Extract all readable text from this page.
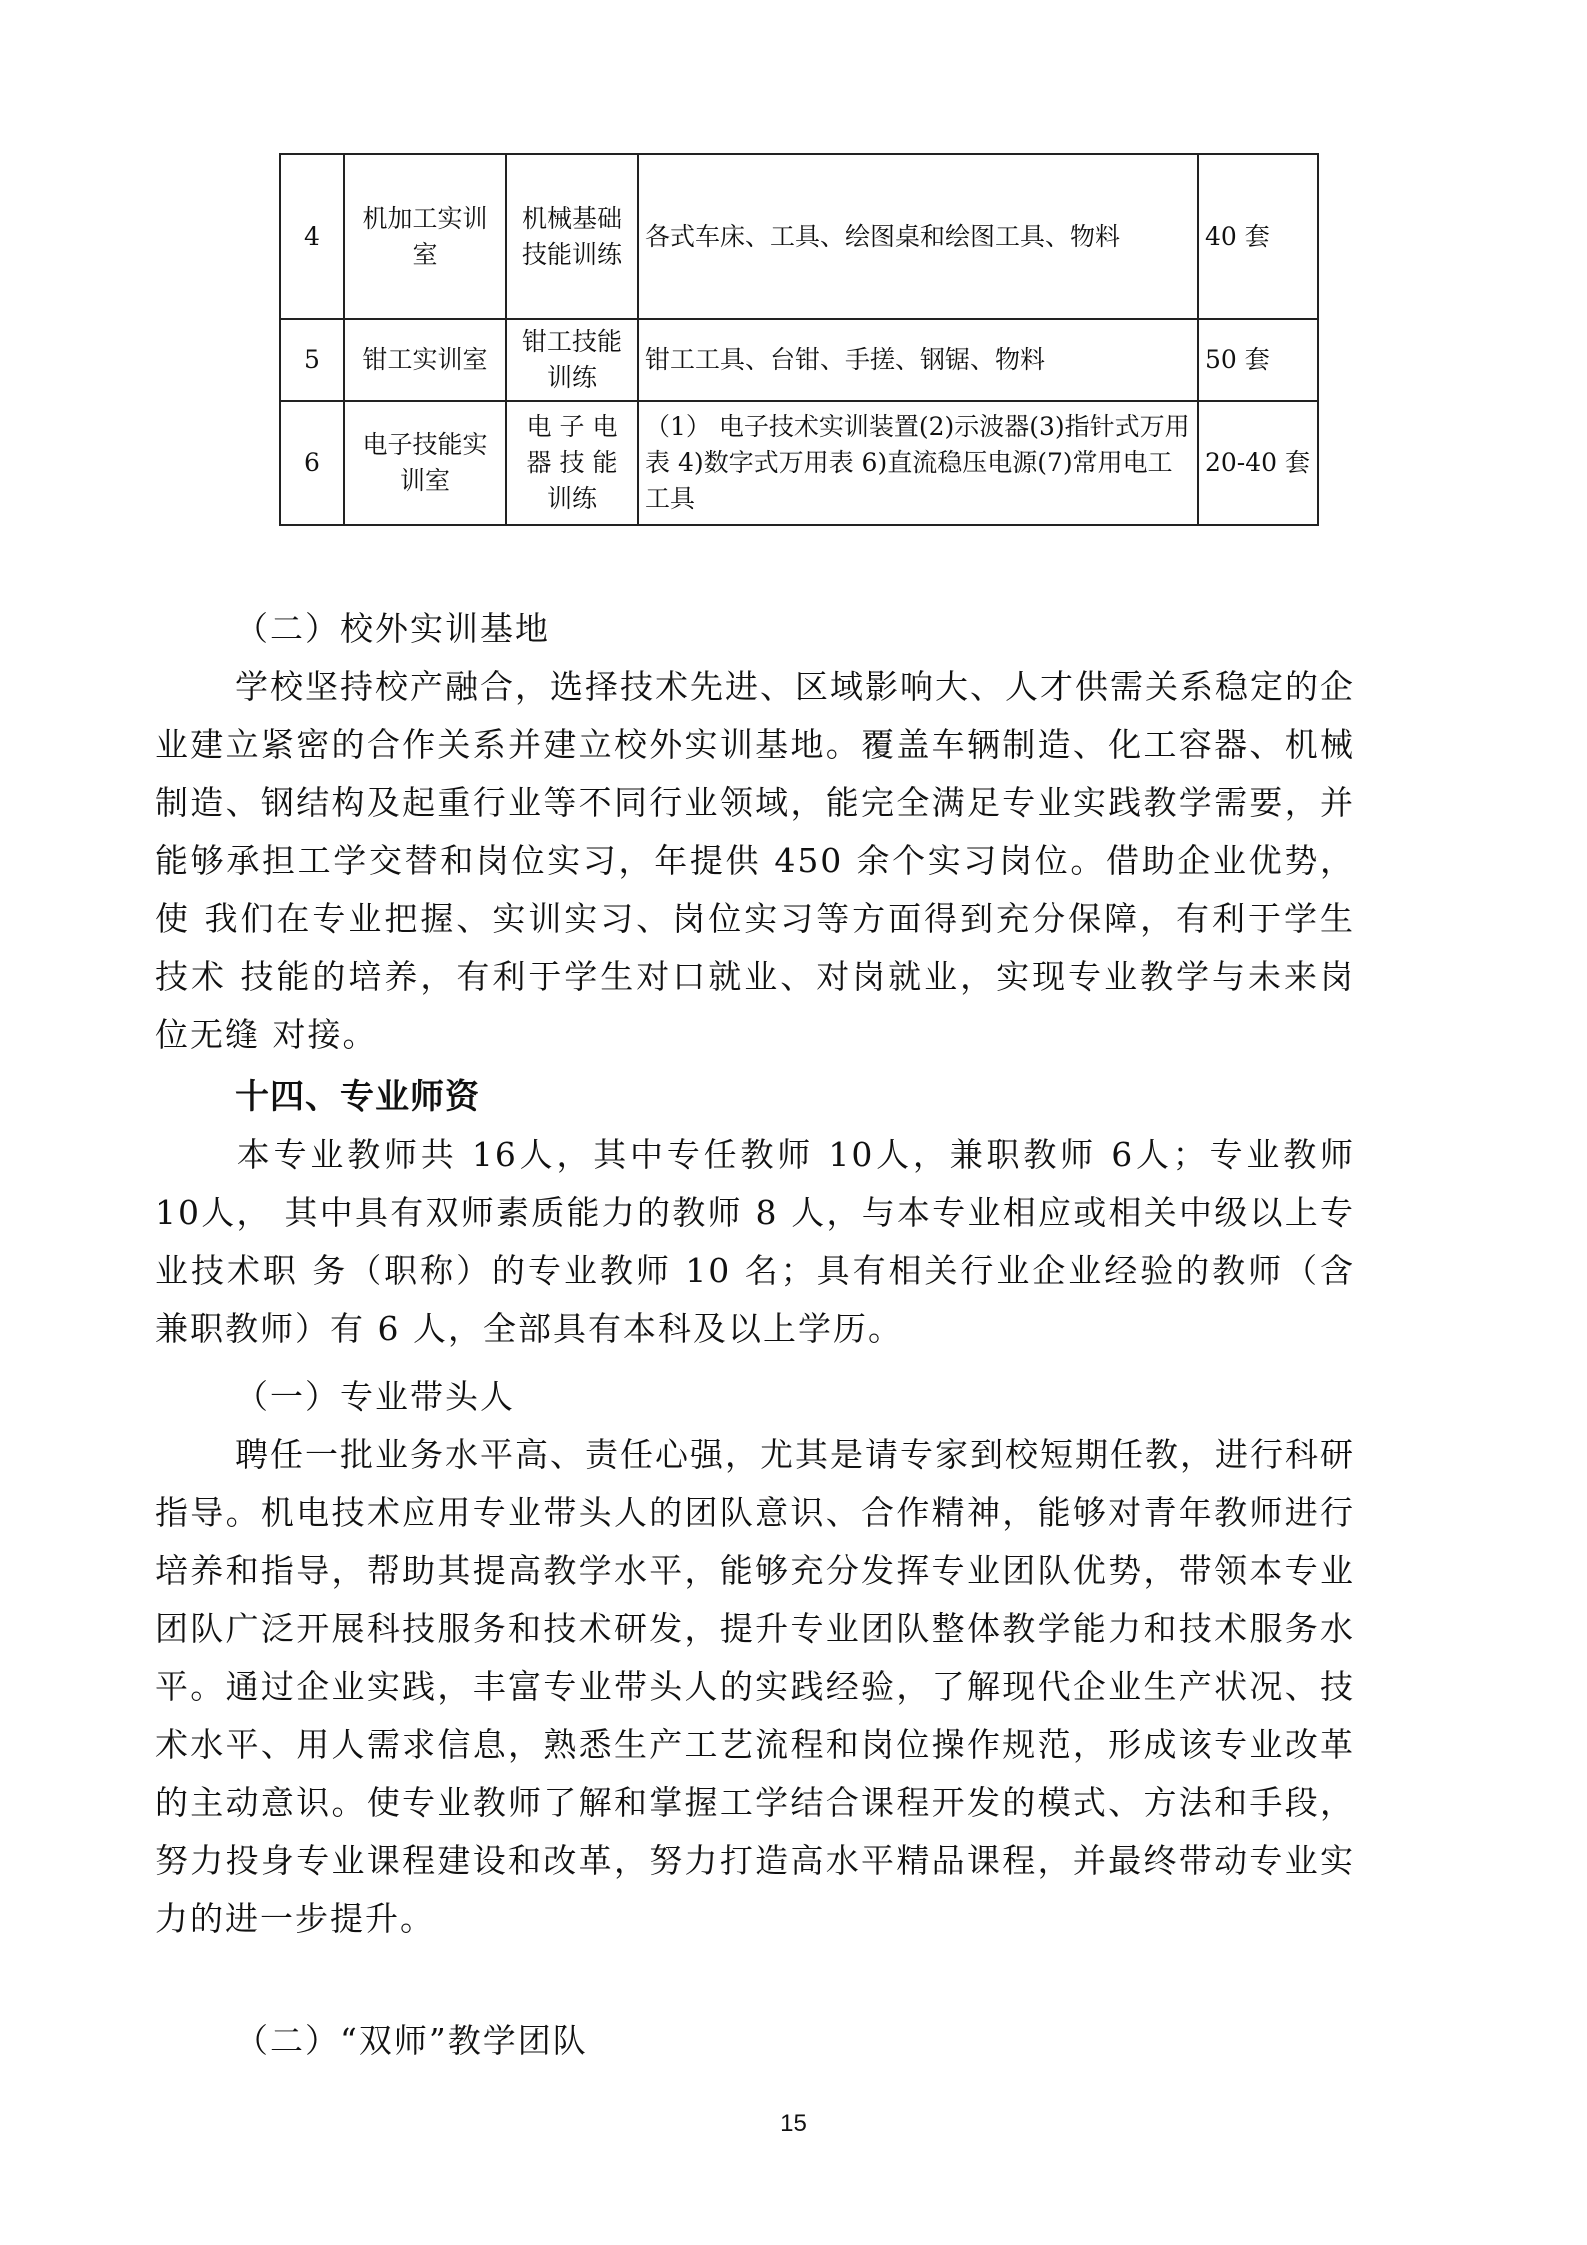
4	机加工实训室	机械基础技能训练	各式车床、工具、绘图桌和绘图工具、物料	40 套
5	钳工实训室	钳工技能训练	钳工工具、台钳、手搓、钢锯、物料	50 套
6	电子技能实训室	电 子 电 器 技 能 训练	（1） 电子技术实训装置(2)示波器(3)指针式万用表 4)数字式万用表 6)直流稳压电源(7)常用电工工具	20-40 套

（二）校外实训基地

学校坚持校产融合，选择技术先进、区域影响大、人才供需关系稳定的企 业建立紧密的合作关系并建立校外实训基地。覆盖车辆制造、化工容器、机械 制造、钢结构及起重行业等不同行业领域，能完全满足专业实践教学需要，并 能够承担工学交替和岗位实习，年提供 450 余个实习岗位。借助企业优势，使 我们在专业把握、实训实习、岗位实习等方面得到充分保障，有利于学生技术 技能的培养，有利于学生对口就业、对岗就业，实现专业教学与未来岗位无缝 对接。

十四、专业师资

本专业教师共 16人，其中专任教师 10人，兼职教师 6人；专业教师 10人， 其中具有双师素质能力的教师 8 人，与本专业相应或相关中级以上专业技术职 务（职称）的专业教师 10 名；具有相关行业企业经验的教师（含兼职教师）有 6 人，全部具有本科及以上学历。

（一）专业带头人

聘任一批业务水平高、责任心强，尤其是请专家到校短期任教，进行科研 指导。机电技术应用专业带头人的团队意识、合作精神，能够对青年教师进行 培养和指导，帮助其提高教学水平，能够充分发挥专业团队优势，带领本专业 团队广泛开展科技服务和技术研发，提升专业团队整体教学能力和技术服务水 平。通过企业实践，丰富专业带头人的实践经验，了解现代企业生产状况、技 术水平、用人需求信息，熟悉生产工艺流程和岗位操作规范，形成该专业改革 的主动意识。使专业教师了解和掌握工学结合课程开发的模式、方法和手段， 努力投身专业课程建设和改革，努力打造高水平精品课程，并最终带动专业实 力的进一步提升。

（二）“双师”教学团队

15
